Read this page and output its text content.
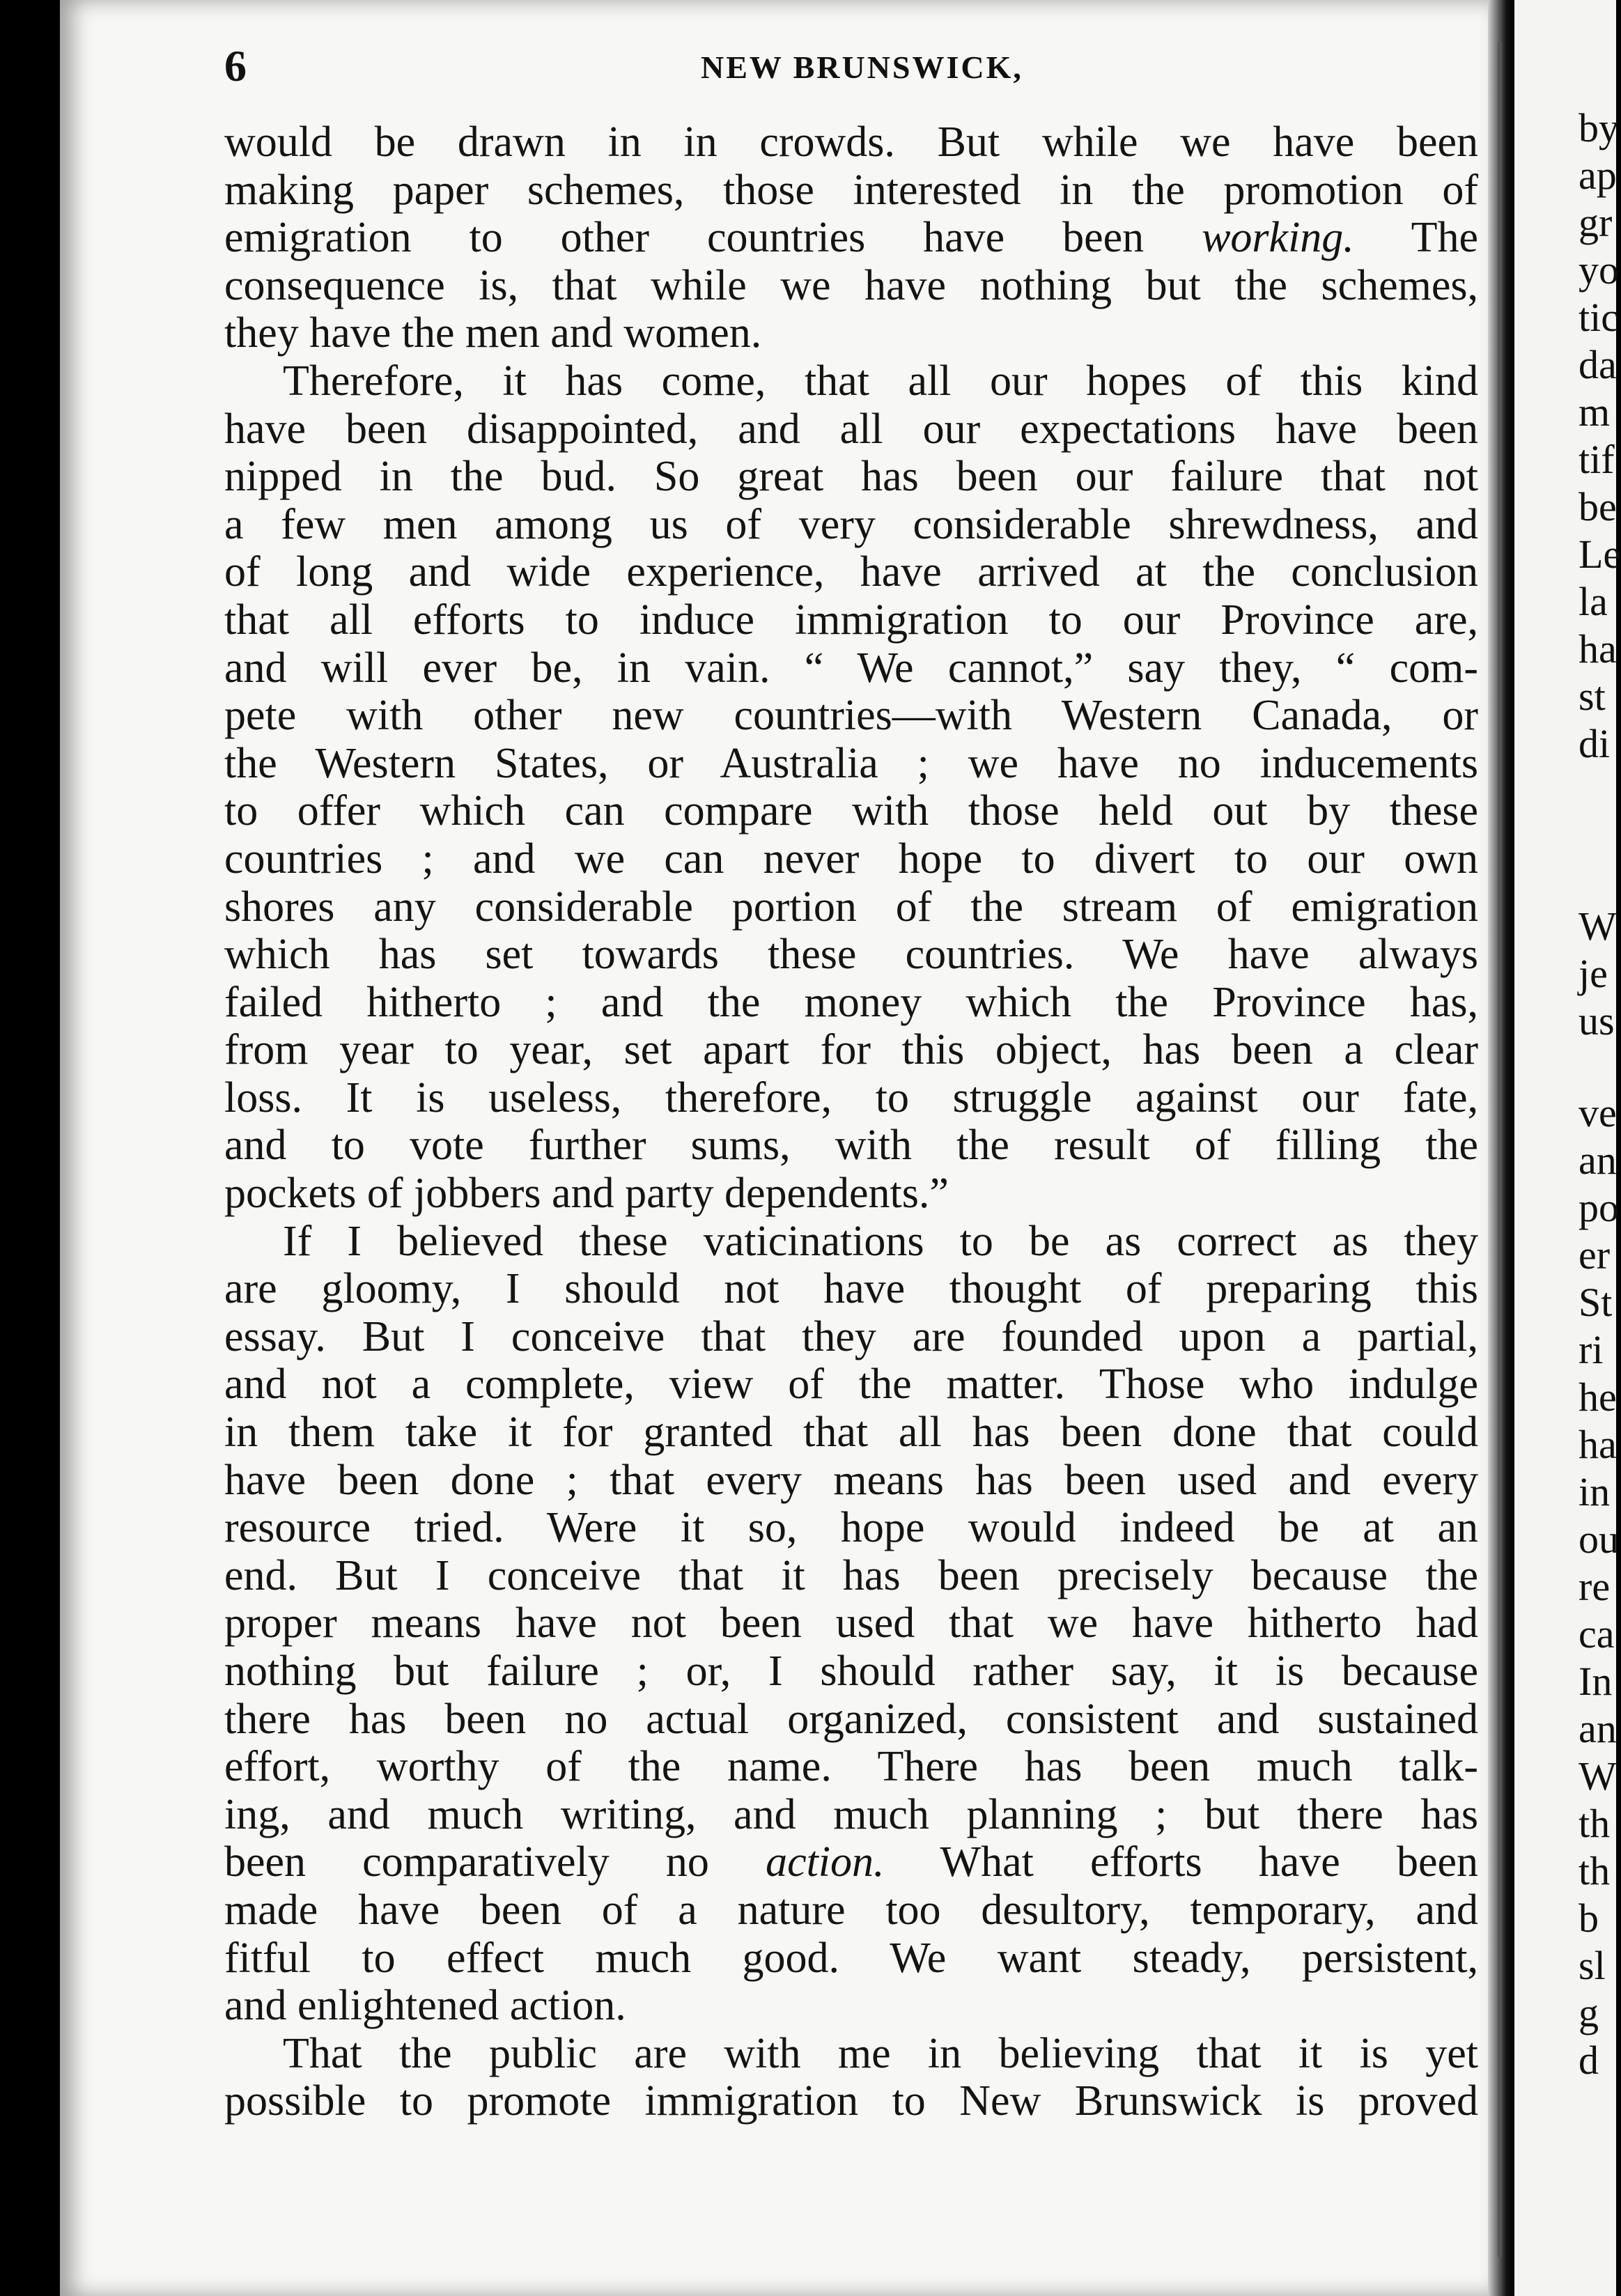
6	NEW BRUNSWICK,
would be drawn in in crowds. But while we have been
making paper schemes, those interested in the promotion of
emigration to other countries have been working. The
consequence is, that while we have nothing but the schemes,
they have the men and women.
Therefore, it has come, that all our hopes of this kind
have been disappointed, and all our expectations have been
nipped in the bud. So great has been our failure that not
a few men among us of very considerable shrewdness, and
of long and wide experience, have arrived at the conclusion
that all efforts to induce immigration to our Province are,
and will ever be, in vain. “ We cannot,” say they, “ com-
pete with other new countries—with Western Canada, or
the Western States, or Australia ; we have no inducements
to offer which can compare with those held out by these
countries ; and we can never hope to divert to our own
shores any considerable portion of the stream of emigration
which has set towards these countries. We have always
failed hitherto ; and the money which the Province has,
from year to year, set apart for this object, has been a clear
loss. It is useless, therefore, to struggle against our fate,
and to vote further sums, with the result of filling the
pockets of jobbers and party dependents.”
If I believed these vaticinations to be as correct as they
are gloomy, I should not have thought of preparing this
essay. But I conceive that they are founded upon a partial,
and not a complete, view of the matter. Those who indulge
in them take it for granted that all has been done that could
have been done ; that every means has been used and every
resource tried. Were it so, hope would indeed be at an
end. But I conceive that it has been precisely because the
proper means have not been used that we have hitherto had
nothing but failure ; or, I should rather say, it is because
there has been no actual organized, consistent and sustained
effort, worthy of the name. There has been much talk-
ing, and much writing, and much planning ; but there has
been comparatively no action. What efforts have been
made have been of a nature too desultory, temporary, and
fitful to effect much good. We want steady, persistent,
and enlightened action.
That the public are with me in believing that it is yet
possible to promote immigration to New Brunswick is proved
by
ap
gr
yo
tic
da
m
tif
be
Le
la
ha
st
di
W
je
us
ve
an
po
er
St
ri
he
ha
in
ou
re
ca
In
an
W
th
th
b
sl
g
d
